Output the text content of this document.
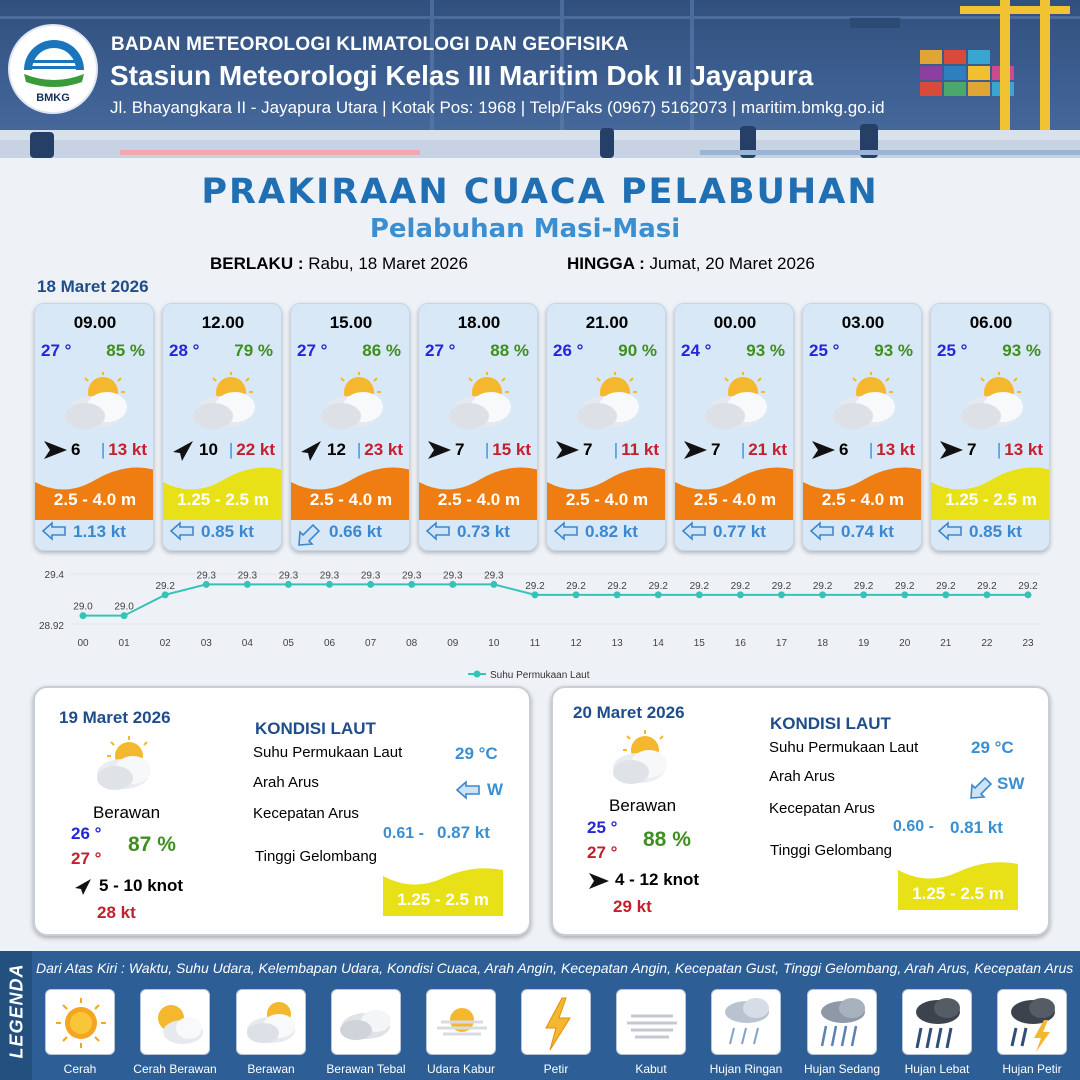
BMKG
BADAN METEOROLOGI KLIMATOLOGI DAN GEOFISIKA
Stasiun Meteorologi Kelas III Maritim Dok II Jayapura
Jl. Bhayangkara II - Jayapura Utara | Kotak Pos: 1968 | Telp/Faks (0967) 5162073 | maritim.bmkg.go.id
PRAKIRAAN CUACA PELABUHAN
Pelabuhan Masi-Masi
BERLAKU : Rabu, 18 Maret 2026	HINGGA : Jumat, 20 Maret 2026
18 Maret 2026
09.00
27 ° 85 %
6 | 13 kt
2.5 - 4.0 m
1.13 kt
12.00
28 ° 79 %
10 | 22 kt
1.25 - 2.5 m
0.85 kt
15.00
27 ° 86 %
12 | 23 kt
2.5 - 4.0 m
0.66 kt
18.00
27 ° 88 %
7 | 15 kt
2.5 - 4.0 m
0.73 kt
21.00
26 ° 90 %
7 | 11 kt
2.5 - 4.0 m
0.82 kt
00.00
24 ° 93 %
7 | 21 kt
2.5 - 4.0 m
0.77 kt
03.00
25 ° 93 %
6 | 13 kt
2.5 - 4.0 m
0.74 kt
06.00
25 ° 93 %
7 | 13 kt
1.25 - 2.5 m
0.85 kt
29.4
28.92
29.0
00
29.0
01
29.2
02
29.3
03
29.3
04
29.3
05
29.3
06
29.3
07
29.3
08
29.3
09
29.3
10
29.2
11
29.2
12
29.2
13
29.2
14
29.2
15
29.2
16
29.2
17
29.2
18
29.2
19
29.2
20
29.2
21
29.2
22
29.2
23
Suhu Permukaan Laut
19 Maret 2026
Berawan
26 °
27 °
87 %
5 - 10 knot
28 kt
KONDISI LAUT
Suhu Permukaan Laut	29 °C
Arah Arus	W
Kecepatan Arus
0.61 - 0.87 kt
Tinggi Gelombang
1.25 - 2.5 m
20 Maret 2026
Berawan
25 °
27 °
88 %
4 - 12 knot
29 kt
KONDISI LAUT
Suhu Permukaan Laut	29 °C
Arah Arus	SW
Kecepatan Arus
0.60 - 0.81 kt
Tinggi Gelombang
1.25 - 2.5 m
LEGENDA Dari Atas Kiri : Waktu, Suhu Udara, Kelembapan Udara, Kondisi Cuaca, Arah Angin, Kecepatan Angin, Kecepatan Gust, Tinggi Gelombang, Arah Arus, Kecepatan Arus
Cerah	Cerah Berawan	Berawan	Berawan Tebal	Udara Kabur	Petir	Kabut	Hujan Ringan	Hujan Sedang	Hujan Lebat	Hujan Petir
